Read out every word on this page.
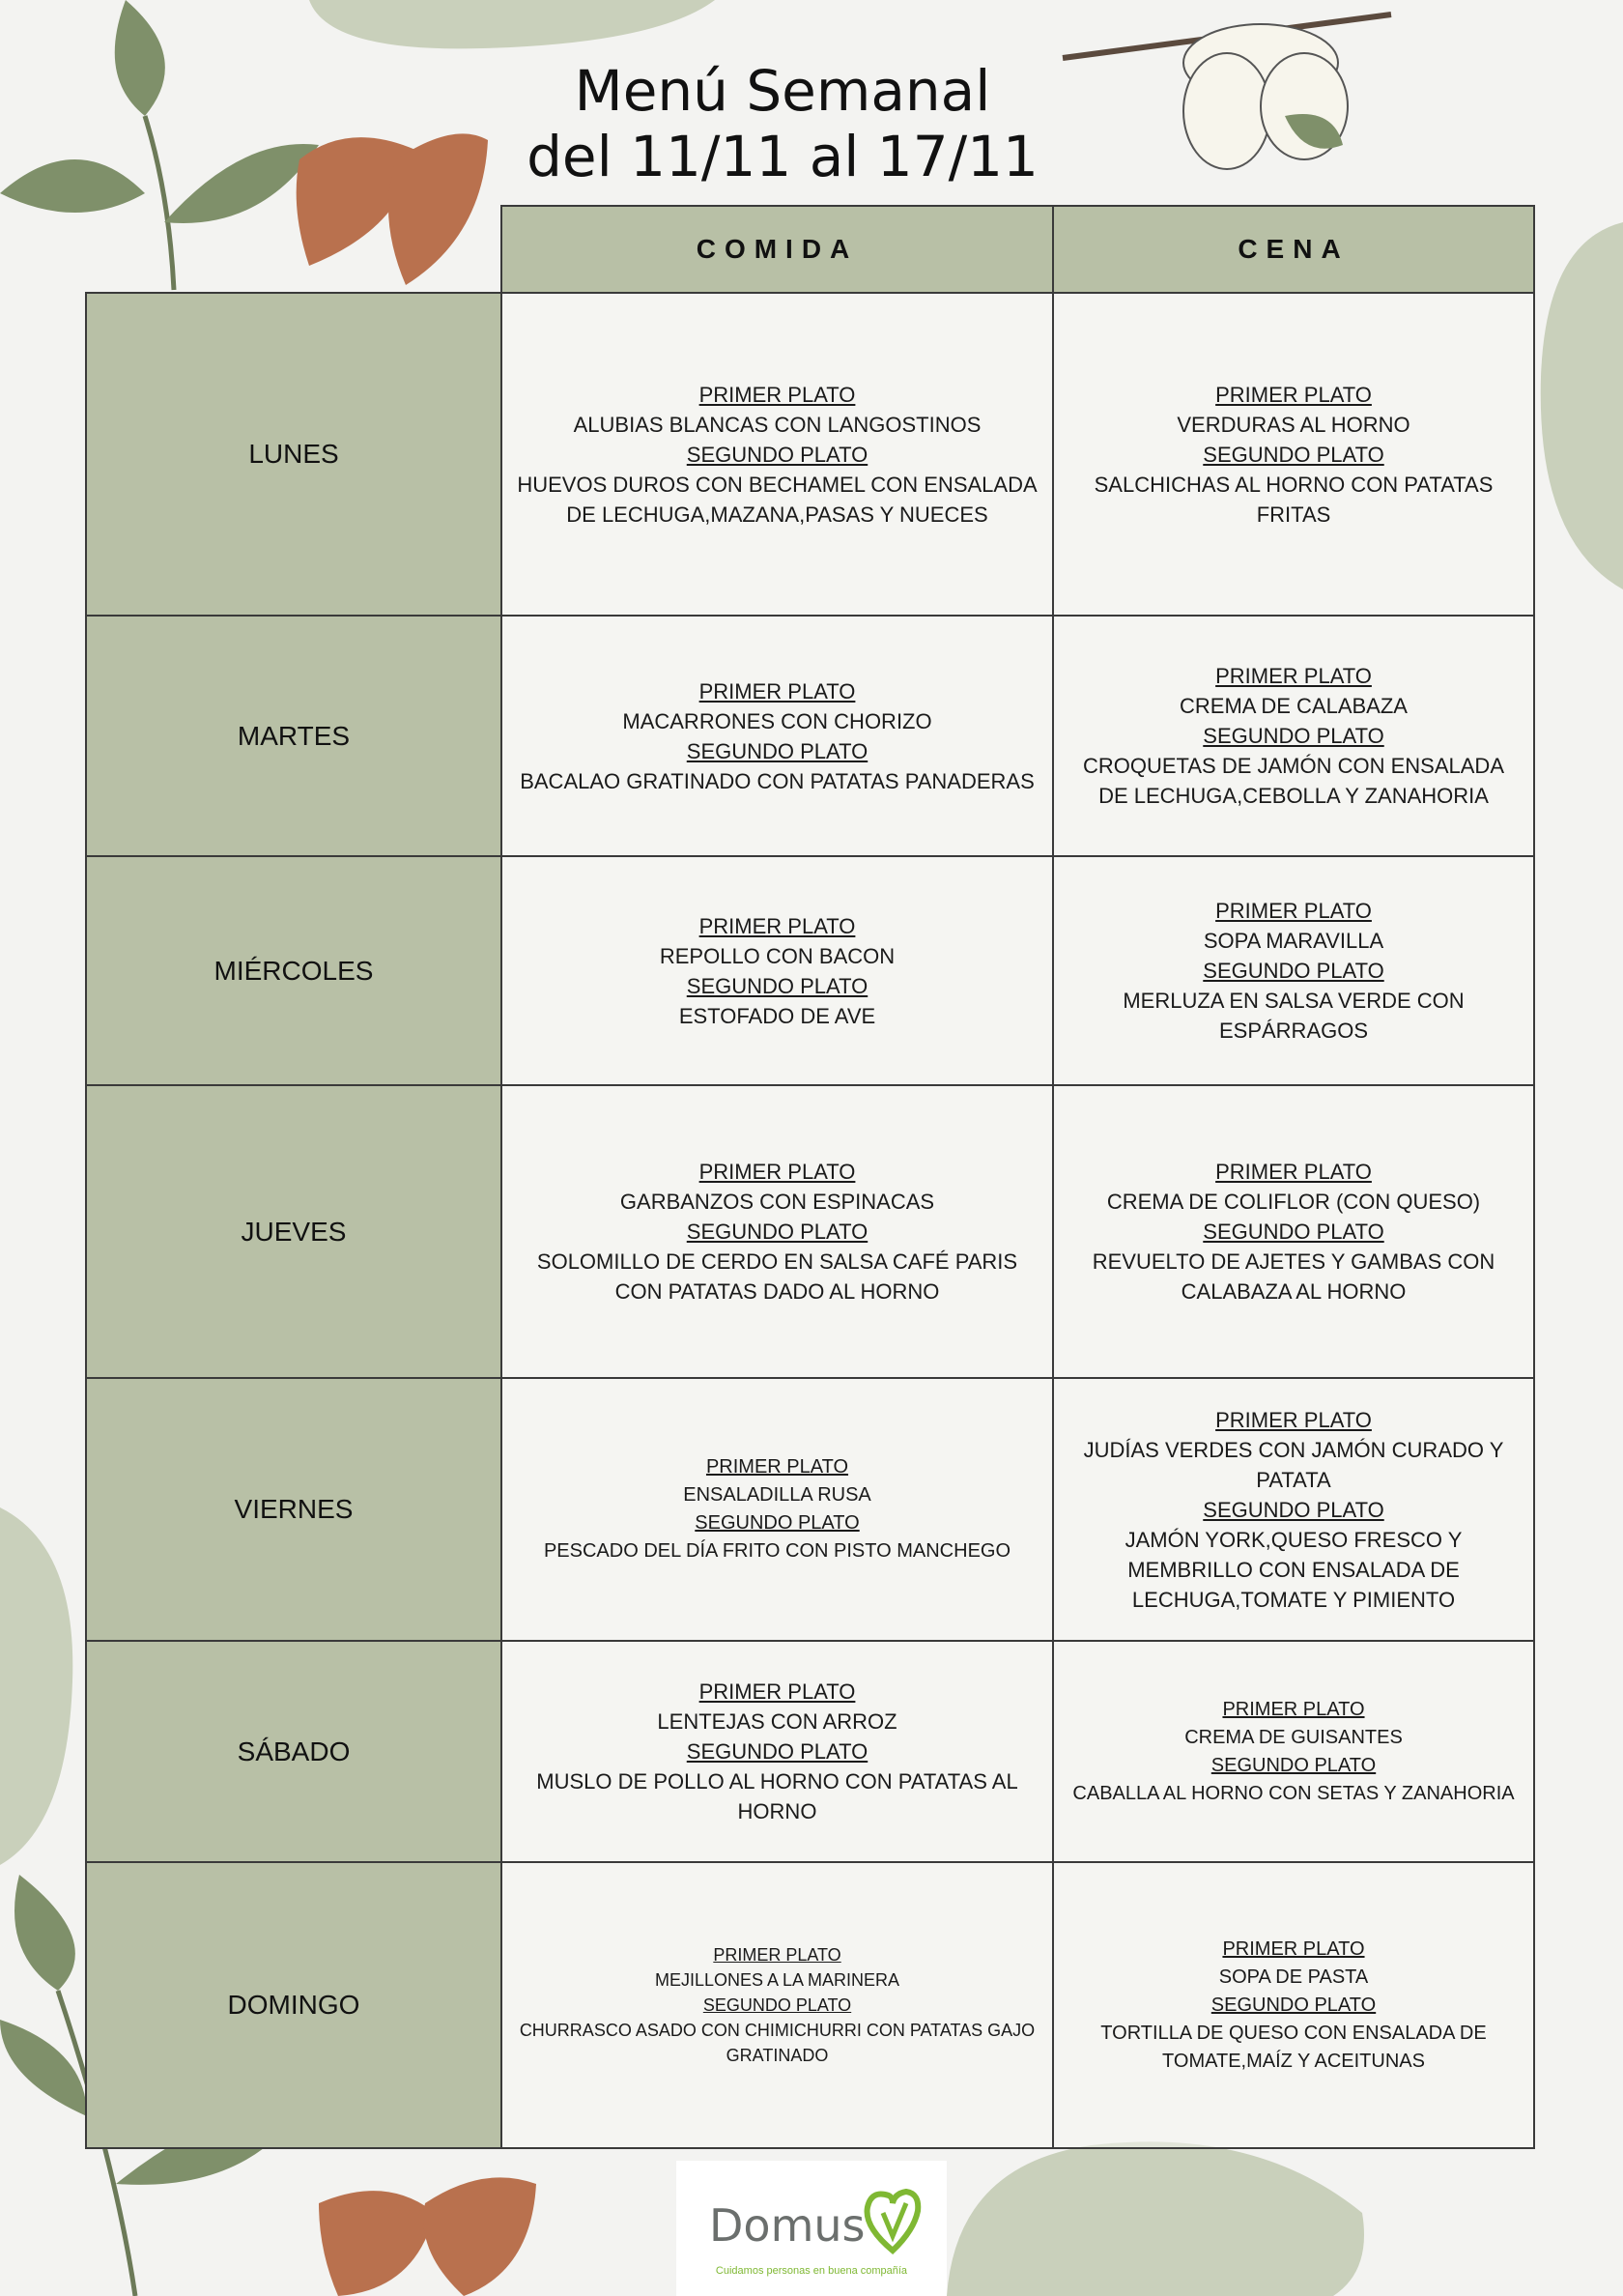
Menú Semanal
del 11/11 al 17/11
	COMIDA	CENA
LUNES	PRIMER PLATO
ALUBIAS BLANCAS CON LANGOSTINOS
SEGUNDO PLATO
HUEVOS DUROS CON BECHAMEL CON ENSALADA DE LECHUGA,MAZANA,PASAS Y NUECES	PRIMER PLATO
VERDURAS AL HORNO
SEGUNDO PLATO
SALCHICHAS AL HORNO CON PATATAS FRITAS

MARTES	PRIMER PLATO
MACARRONES CON CHORIZO
SEGUNDO PLATO
BACALAO GRATINADO CON PATATAS PANADERAS	PRIMER PLATO
CREMA DE CALABAZA
SEGUNDO PLATO
CROQUETAS DE JAMÓN CON ENSALADA DE LECHUGA,CEBOLLA Y ZANAHORIA

MIÉRCOLES	PRIMER PLATO
REPOLLO CON BACON
SEGUNDO PLATO
ESTOFADO DE AVE	PRIMER PLATO
SOPA MARAVILLA
SEGUNDO PLATO
MERLUZA EN SALSA VERDE CON ESPÁRRAGOS

JUEVES	PRIMER PLATO
GARBANZOS CON ESPINACAS
SEGUNDO PLATO
SOLOMILLO DE CERDO EN SALSA CAFÉ PARIS CON PATATAS DADO AL HORNO	PRIMER PLATO
CREMA DE COLIFLOR (CON QUESO)
SEGUNDO PLATO
REVUELTO DE AJETES Y GAMBAS CON CALABAZA AL HORNO

VIERNES	PRIMER PLATO
ENSALADILLA RUSA
SEGUNDO PLATO
PESCADO DEL DÍA FRITO CON PISTO MANCHEGO	PRIMER PLATO
JUDÍAS VERDES CON JAMÓN CURADO Y PATATA
SEGUNDO PLATO
JAMÓN YORK,QUESO FRESCO Y MEMBRILLO CON ENSALADA DE LECHUGA,TOMATE Y PIMIENTO

SÁBADO	PRIMER PLATO
LENTEJAS CON ARROZ
SEGUNDO PLATO
MUSLO DE POLLO AL HORNO CON PATATAS AL HORNO	PRIMER PLATO
CREMA DE GUISANTES
SEGUNDO PLATO
CABALLA AL HORNO CON SETAS Y ZANAHORIA

DOMINGO	PRIMER PLATO
MEJILLONES A LA MARINERA
SEGUNDO PLATO
CHURRASCO ASADO CON CHIMICHURRI CON PATATAS GAJO GRATINADO	PRIMER PLATO
SOPA DE PASTA
SEGUNDO PLATO
TORTILLA DE QUESO CON ENSALADA DE TOMATE,MAÍZ Y ACEITUNAS
Domus
Cuidamos personas en buena compañía
